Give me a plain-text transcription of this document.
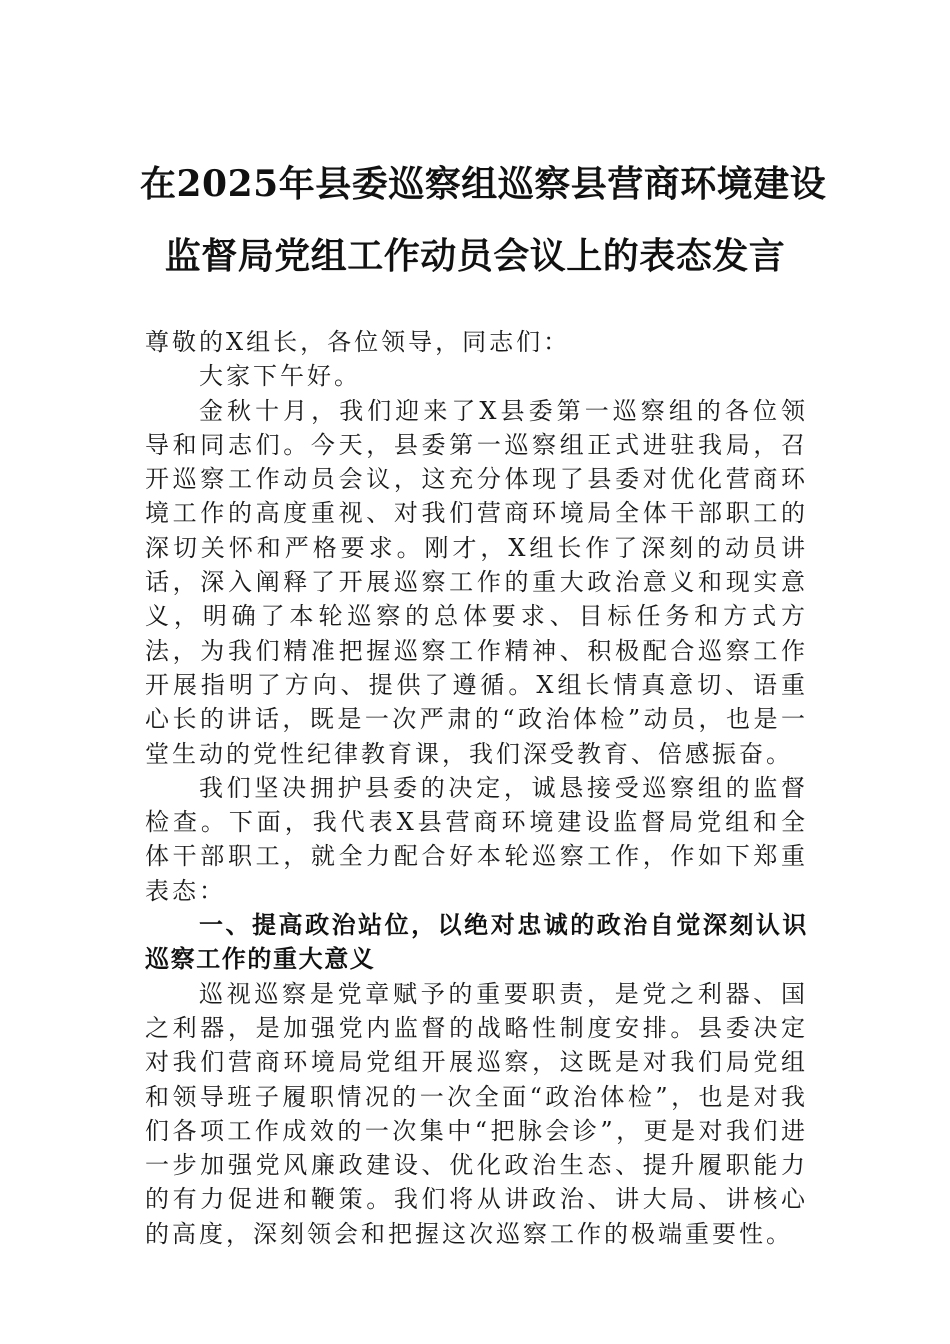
在2025年县委巡察组巡察县营商环境建设
监督局党组工作动员会议上的表态发言

尊敬的X组长，各位领导，同志们：

大家下午好。

金秋十月，我们迎来了X县委第一巡察组的各位领导和同志们。今天，县委第一巡察组正式进驻我局，召开巡察工作动员会议，这充分体现了县委对优化营商环境工作的高度重视、对我们营商环境局全体干部职工的深切关怀和严格要求。刚才，X组长作了深刻的动员讲话，深入阐释了开展巡察工作的重大政治意义和现实意义，明确了本轮巡察的总体要求、目标任务和方式方法，为我们精准把握巡察工作精神、积极配合巡察工作开展指明了方向、提供了遵循。X组长情真意切、语重心长的讲话，既是一次严肃的“政治体检”动员，也是一堂生动的党性纪律教育课，我们深受教育、倍感振奋。

我们坚决拥护县委的决定，诚恳接受巡察组的监督检查。下面，我代表X县营商环境建设监督局党组和全体干部职工，就全力配合好本轮巡察工作，作如下郑重表态：

一、提高政治站位，以绝对忠诚的政治自觉深刻认识巡察工作的重大意义

巡视巡察是党章赋予的重要职责，是党之利器、国之利器，是加强党内监督的战略性制度安排。县委决定对我们营商环境局党组开展巡察，这既是对我们局党组和领导班子履职情况的一次全面“政治体检”，也是对我们各项工作成效的一次集中“把脉会诊”，更是对我们进一步加强党风廉政建设、优化政治生态、提升履职能力的有力促进和鞭策。我们将从讲政治、讲大局、讲核心的高度，深刻领会和把握这次巡察工作的极端重要性。
